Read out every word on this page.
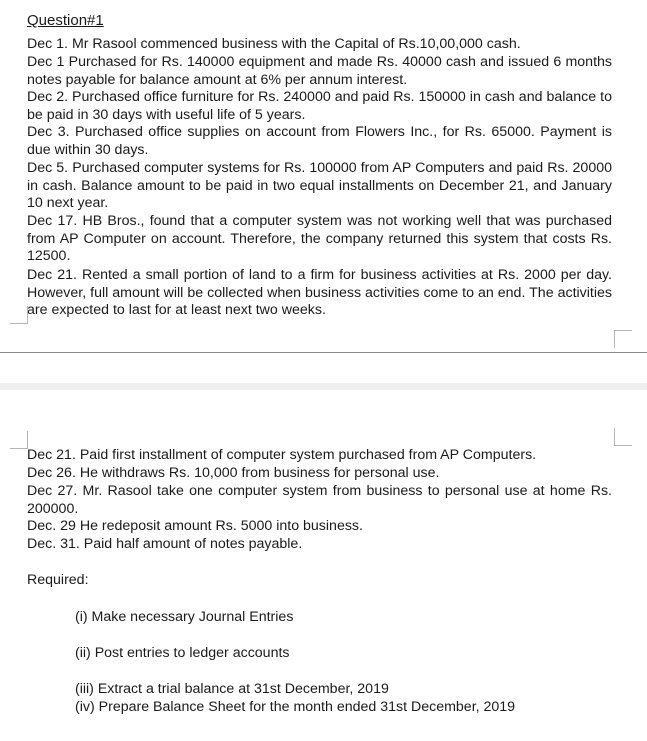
Question#1

Dec 1. Mr Rasool commenced business with the Capital of Rs.10,00,000 cash.

Dec 1 Purchased for Rs. 140000 equipment and made Rs. 40000 cash and issued 6 months notes payable for balance amount at 6% per annum interest.

Dec 2. Purchased office furniture for Rs. 240000 and paid Rs. 150000 in cash and balance to be paid in 30 days with useful life of 5 years.

Dec 3. Purchased office supplies on account from Flowers Inc., for Rs. 65000. Payment is due within 30 days.

Dec 5. Purchased computer systems for Rs. 100000 from AP Computers and paid Rs. 20000 in cash. Balance amount to be paid in two equal installments on December 21, and January 10 next year.

Dec 17. HB Bros., found that a computer system was not working well that was purchased from AP Computer on account. Therefore, the company returned this system that costs Rs. 12500.

Dec 21. Rented a small portion of land to a firm for business activities at Rs. 2000 per day. However, full amount will be collected when business activities come to an end. The activities are expected to last for at least next two weeks.

Dec 21. Paid first installment of computer system purchased from AP Computers.

Dec 26. He withdraws Rs. 10,000 from business for personal use.

Dec 27. Mr. Rasool take one computer system from business to personal use at home Rs. 200000.

Dec. 29 He redeposit amount Rs. 5000 into business.

Dec. 31. Paid half amount of notes payable.

Required:

(i) Make necessary Journal Entries

(ii) Post entries to ledger accounts

(iii) Extract a trial balance at 31st December, 2019

(iv) Prepare Balance Sheet for the month ended 31st December, 2019
